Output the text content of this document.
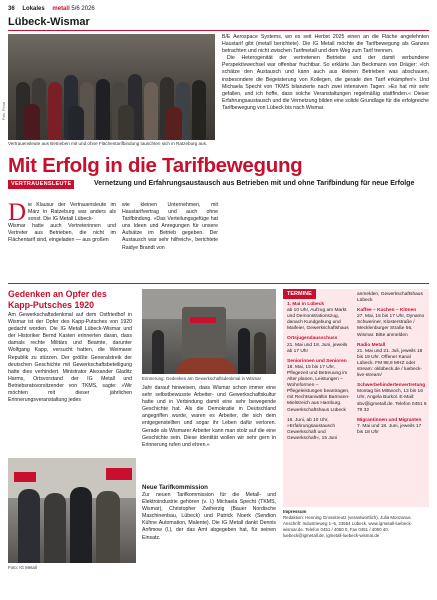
36 Lokales metall 5/6 2026
Lübeck-Wismar
Foto: Privat
Vertrauensleute aus Betrieben mit und ohne Flächentarifbindung tauschten sich in Ratzeburg aus.

B/E Aerospace Systems, wo es seit Herbst 2025 einen an die Fläche angelehnten Haustarif gibt (metall berichtete). Die IG Metall möchte die Tarifbewegung als Ganzes betrachten und nicht zwischen Tarifmetall und dem Weg zum Tarif trennen.

Die Heterogenität der vertretenen Betriebe und der damit verbundene Perspektivwechsel war offenbar fruchtbar. So erklärte Jan Beckmann von Dräger: »Ich schätze den Austausch und kann auch aus kleinen Betrieben was abschauen, insbesondere die Begeisterung von Kollegen, die gerade den Tarif erkämpfen!« Und Michaela Specht von TKMS bilanzierte nach zwei intensiven Tagen: »Es hat mir sehr gefallen, und ich hoffe, dass solche Veranstaltungen regelmäßig stattfinden.« Dieser Erfahrungsaustausch und die Vernetzung bilden eine solide Grundlage für die erfolgreiche Tarifbewegung von Lübeck bis nach Wismar.

Mit Erfolg in die Tarifbewegung
VERTRAUENSLEUTE	Vernetzung und Erfahrungsaustausch aus Betrieben mit und ohne Tarifbindung für neue Erfolge
D ie Klausur der Vertrauensleute im März in Ratzeburg war anders als sonst. Die IG Metall Lübeck-
Wismar hatte auch Vertreterinnen und Vertreter aus Betrieben, die nicht im Flächentarif sind, eingeladen — aus großen
wie kleinen Unternehmen, mit Haustarifvertrag und auch ohne Tarifbindung. »Das Verteilungsgefüge hat uns Ideen und Anregungen für unsere Aufsätze im Betrieb gegeben. Der Austausch war sehr hilfreich«, berichtete Raidye Brandt von
Gedenken an Opfer des Kapp-Putsches 1920
Am Gewerkschaftsdenkmal auf dem Ostfriedhof in Wismar ist der Opfer des Kapp-Putsches von 1920 gedacht worden. Die IG Metall Lübeck-Wismar und der Historiker Bernd Kasten erinnerten daran, dass damals rechte Militärs und Beamte, darunter Wolfgang Kapp, versucht hatten, die Weimarer Republik zu stürzen. Der größte Generalstreik der deutschen Geschichte mit Gewerkschaftsbeteiligung hatte dies verhindert. Ministrator Alexander Gladitz Harms, Ortsvorstand der IG Metall und Betriebsratsvorsitzender von TKMS, sagte: »Wir möchten mit dieser jährlichen Erinnerungsveranstaltung jedes
Erinnerung: Gedenken am Gewerkschaftsdenkmal in Wismar
Jahr darauf hinweisen, dass Wismar schon immer eine sehr selbstbewusste Arbeiter- und Gewerkschaftskultur hatte und in Verbindung damit eine sehr bewegende Geschichte hat. Als die Demokratie in Deutschland angegriffen wurde, waren es Arbeiter, die sich dem entgegenstellten und sogar ihr Leben dafür verloren. Gerade als Wismarer Arbeiter kann man stolz auf die eine Geschichte sein. Diese Identität wollen wir sehr gern in Erinnerung rufen und ehren.«
Foto: IG Metall
Neue Tarifkommission
Zur neuen Tarifkommission für die Metall- und Elektroindustrie gehören (v. l.) Michaela Specht (TKMS, Wismar), Christopher Zwiherzig (Bauer Nordische Maschinenbau, Lübeck) und Patrick Noerk (Sendion Kühne Automation, Malente). Die IG Metall dankt Dennis Anfimow (l.), der das Amt abgegeben hat, für seinen Einsatz.
TERMINE
1. Mai in Lübeck
ab 10 Uhr, Aufzug am Markt und Demonstrationszug, danach Kundgebung und Maifeier, Gewerkschaftshaus
Ortsjugendausschuss
21. Mai und 18. Juni, jeweils ab 17 Uhr
Seniorinnen und Senioren
18. Mai, 15 bis 17 Uhr, Pflegezeit und Betreuung im Alter planen, Leistungen – Wohnformen – Pflegeleistungen beantragen, mit Rechtsanwältin Barmann-Mielstreich aus Hamburg. Gewerkschaftshaus Lübeck
16. Juni, ab 10 Uhr, »Erfahrungsaustausch Gewerkschaft und Gewerkschaft«, 15 Juni
anmelden, Gewerkschaftshaus Lübeck
Kaffee – Kuchen – Klönen
27. Mai, 15 bis 17 Uhr, Dynamo Schweriner, Klosterstraße / Mecklenburger Straße 56, Wismar. Bitte anmelden
Radio Metall
21. Mai und 21. Juli, jeweils 18 bis 19 Uhr. Offener Kanal Lübeck. FM 98,8 MHZ oder stream: oklübeck.de / luebeck-live-stream/
Schwerbehindertenvertretung
Montag bis Mittwoch, 13 bis 16 Uhr, Angela Burkol. E-Mail: sbv@igmetall.de. Telefon 0451 6 79 32
Migrantinnen und Migranten
7. Mai und 18. Juni, jeweils 17 bis 18 Uhr
Impressum
Redaktion: Henning Grosskreutz (verantwortlich), Julia Monzanus. Anschrift: Industrieweg 1–5, 23554 Lübeck. www.igmetall-luebeck-wismar.de. Telefon 0451 / 4050 0, Fax 0451 / 4050 40. luebeck@igmetall.de, igmetall-luebeck-wismar.de
